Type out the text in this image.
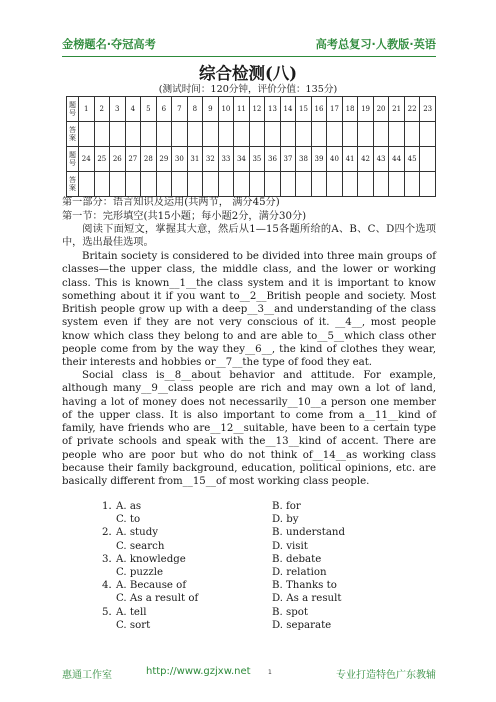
金榜题名·夺冠高考	高考总复习·人教版·英语
综合检测(八)
(测试时间：120分钟，评价分值：135分)
题号	1	2	3	4	5	6	7	8	9	10	11	12	13	14	15	16	17	18	19	20	21	22	23
答案																							
题号	24	25	26	27	28	29	30	31	32	33	34	35	36	37	38	39	40	41	42	43	44	45	
答案																							
第一部分：语言知识及运用(共两节， 满分45分)
第一节：完形填空(共15小题；每小题2分，满分30分)

阅读下面短文，掌握其大意，然后从1—15各题所给的A、B、C、D四个选项中，选出最佳选项。

Britain society is considered to be divided into three main groups of classes—the upper class, the middle class, and the lower or working class. This is known__1__the class system and it is important to know something about it if you want to__2__British people and society. Most British people grow up with a deep__3__and understanding of the class system even if they are not very conscious of it. __4__, most people know which class they belong to and are able to__5__which class other people come from by the way they__6__, the kind of clothes they wear, their interests and hobbies or__7__the type of food they eat.

Social class is__8__about behavior and attitude. For example, although many__9__class people are rich and may own a lot of land, having a lot of money does not necessarily__10__a person one member of the upper class. It is also important to come from a__11__kind of family, have friends who are__12__suitable, have been to a certain type of private schools and speak with the__13__kind of accent. There are people who are poor but who do not think of__14__as working class because their family background, education, political opinions, etc. are basically different from__15__of most working class people.

1．
A. as	B. for
C. to	D. by
2．
A. study	B. understand
C. search	D. visit
3．
A. knowledge	B. debate
C. puzzle	D. relation
4．
A. Because of	B. Thanks to
C. As a result of	D. As a result
5．
A. tell	B. spot
C. sort	D. separate
惠通工作室	http://www.gzjxw.net	1	专业打造特色广东教辅
